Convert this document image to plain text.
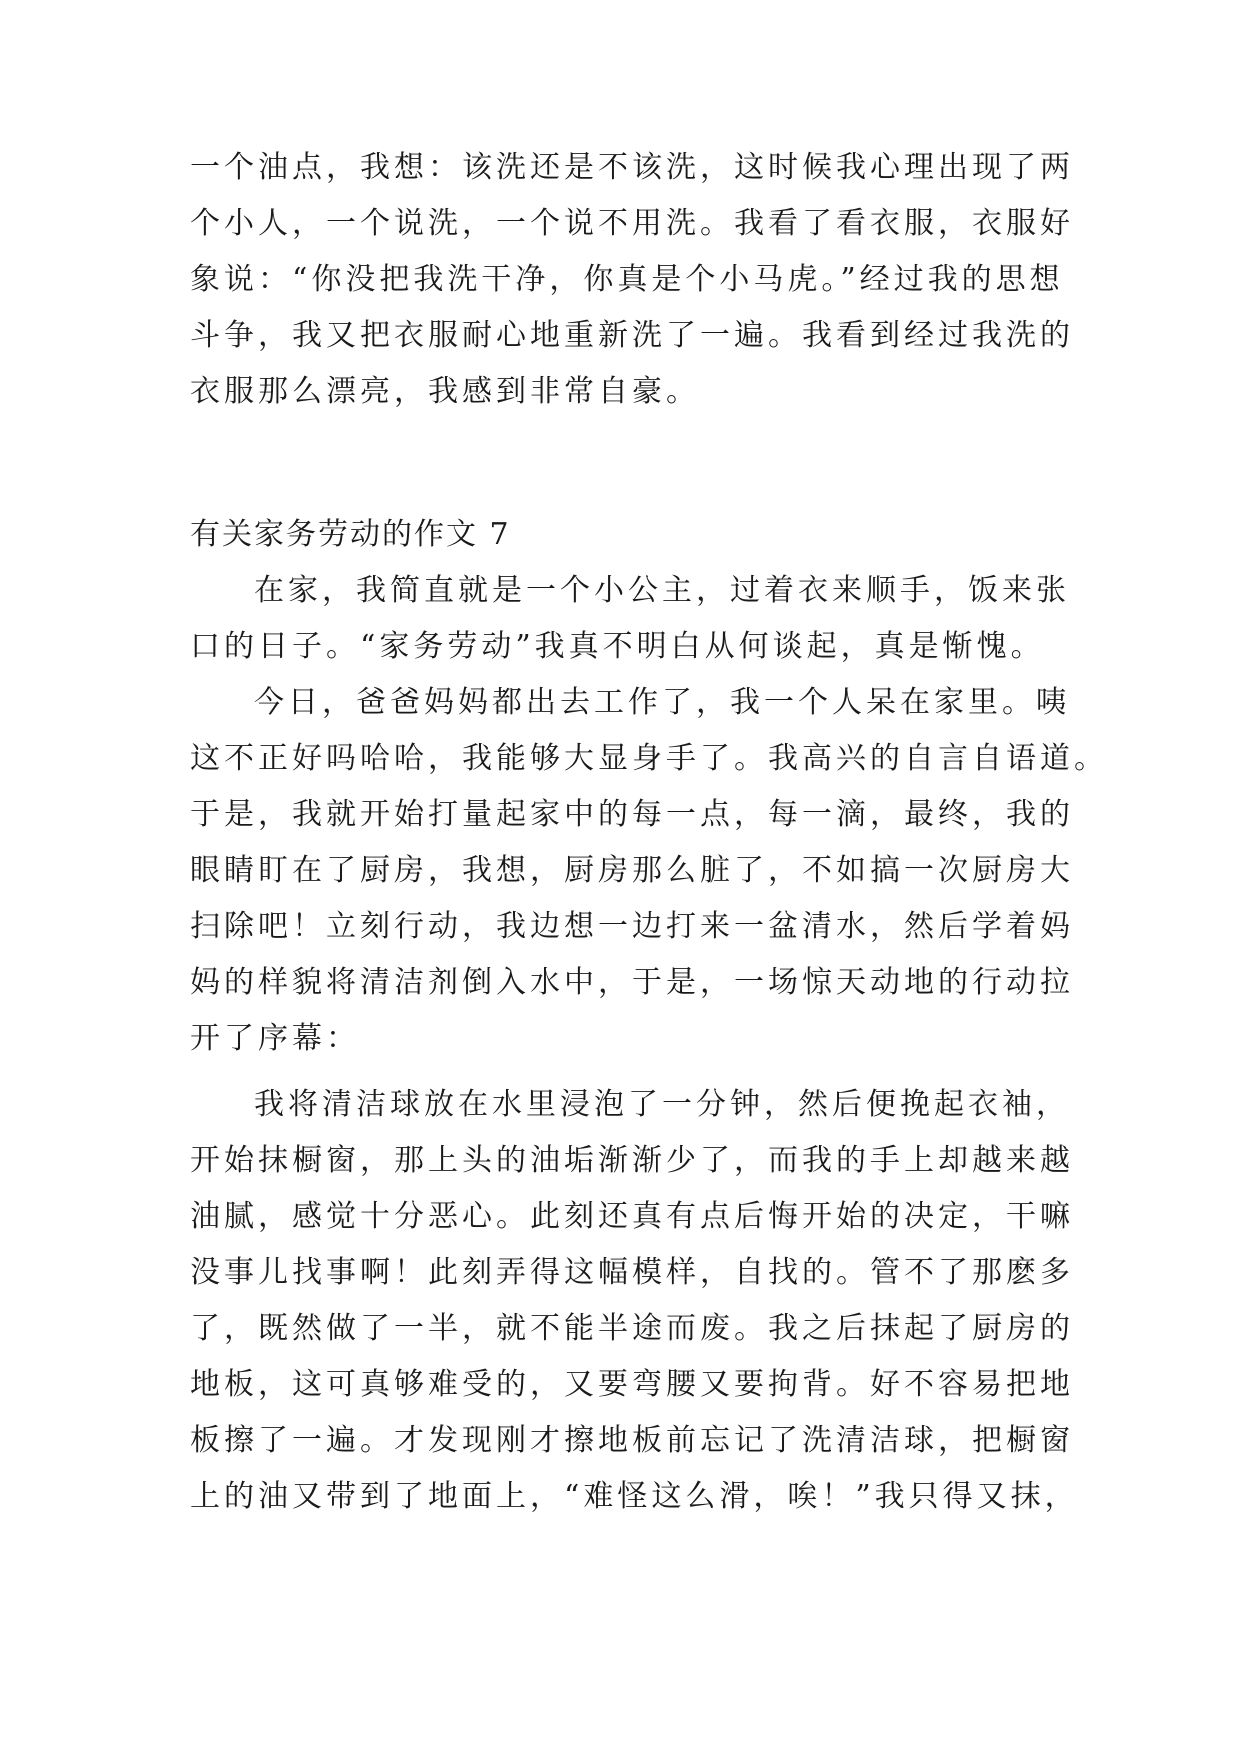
一个油点，我想：该洗还是不该洗，这时候我心理出现了两
个小人，一个说洗，一个说不用洗。我看了看衣服，衣服好
象说：“你没把我洗干净，你真是个小马虎。”经过我的思想
斗争，我又把衣服耐心地重新洗了一遍。我看到经过我洗的
衣服那么漂亮，我感到非常自豪。
有关家务劳动的作文 7
在家，我简直就是一个小公主，过着衣来顺手，饭来张
口的日子。“家务劳动”我真不明白从何谈起，真是惭愧。
今日，爸爸妈妈都出去工作了，我一个人呆在家里。咦
这不正好吗哈哈，我能够大显身手了。我高兴的自言自语道。
于是，我就开始打量起家中的每一点，每一滴，最终，我的
眼睛盯在了厨房，我想，厨房那么脏了，不如搞一次厨房大
扫除吧！立刻行动，我边想一边打来一盆清水，然后学着妈
妈的样貌将清洁剂倒入水中，于是，一场惊天动地的行动拉
开了序幕：
我将清洁球放在水里浸泡了一分钟，然后便挽起衣袖，
开始抹橱窗，那上头的油垢渐渐少了，而我的手上却越来越
油腻，感觉十分恶心。此刻还真有点后悔开始的决定，干嘛
没事儿找事啊！此刻弄得这幅模样，自找的。管不了那麽多
了，既然做了一半，就不能半途而废。我之后抹起了厨房的
地板，这可真够难受的，又要弯腰又要拘背。好不容易把地
板擦了一遍。才发现刚才擦地板前忘记了洗清洁球，把橱窗
上的油又带到了地面上，“难怪这么滑，唉！”我只得又抹，
